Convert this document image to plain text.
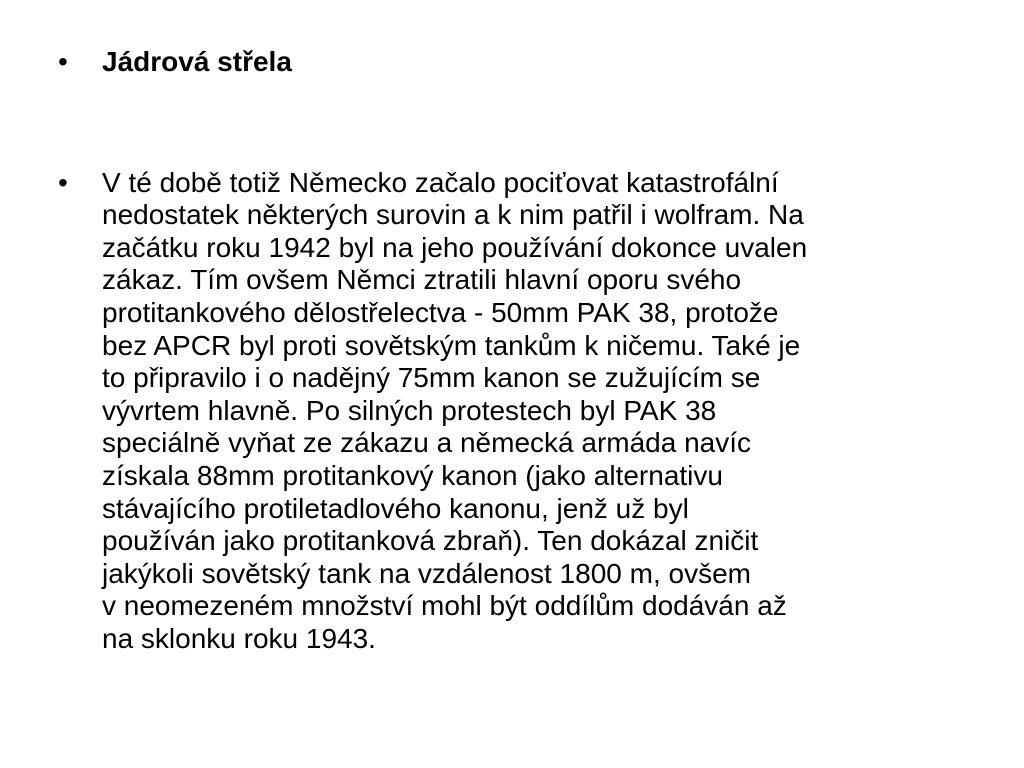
•	Jádrová střela
•	V té době totiž Německo začalo pociťovat katastrofální
nedostatek některých surovin a k nim patřil i wolfram. Na
začátku roku 1942 byl na jeho používání dokonce uvalen
zákaz. Tím ovšem Němci ztratili hlavní oporu svého
protitankového dělostřelectva - 50mm PAK 38, protože
bez APCR byl proti sovětským tankům k ničemu. Také je
to připravilo i o nadějný 75mm kanon se zužujícím se
vývrtem hlavně. Po silných protestech byl PAK 38
speciálně vyňat ze zákazu a německá armáda navíc
získala 88mm protitankový kanon (jako alternativu
stávajícího protiletadlového kanonu, jenž už byl
používán jako protitanková zbraň). Ten dokázal zničit
jakýkoli sovětský tank na vzdálenost 1800 m, ovšem
v neomezeném množství mohl být oddílům dodáván až
na sklonku roku 1943.
